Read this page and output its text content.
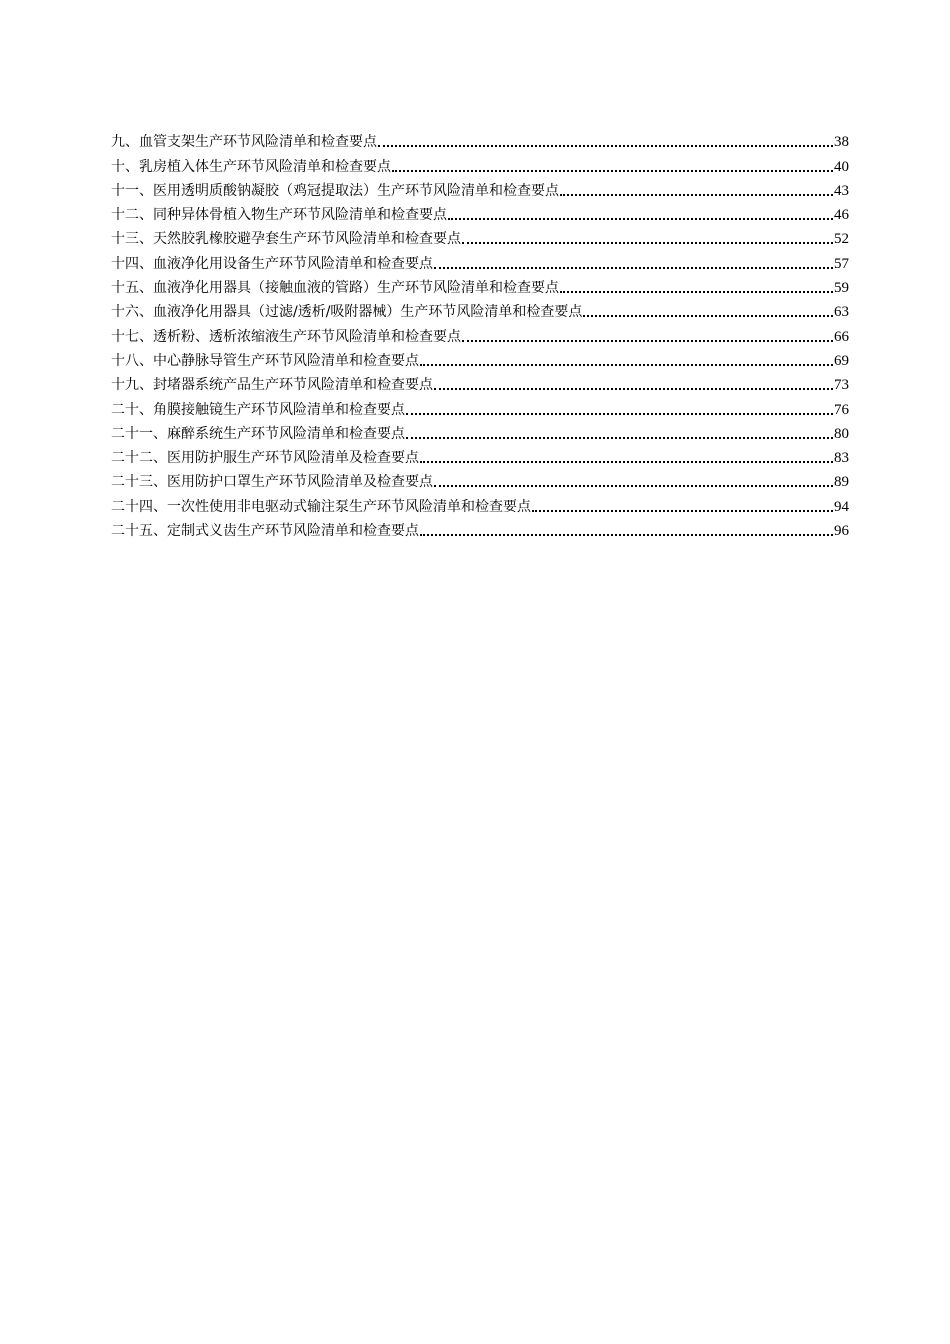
九、血管支架生产环节风险清单和检查要点	38
十、乳房植入体生产环节风险清单和检查要点	40
十一、医用透明质酸钠凝胶（鸡冠提取法）生产环节风险清单和检查要点	43
十二、同种异体骨植入物生产环节风险清单和检查要点	46
十三、天然胶乳橡胶避孕套生产环节风险清单和检查要点	52
十四、血液净化用设备生产环节风险清单和检查要点	57
十五、血液净化用器具（接触血液的管路）生产环节风险清单和检查要点	59
十六、血液净化用器具（过滤/透析/吸附器械）生产环节风险清单和检查要点	63
十七、透析粉、透析浓缩液生产环节风险清单和检查要点	66
十八、中心静脉导管生产环节风险清单和检查要点	69
十九、封堵器系统产品生产环节风险清单和检查要点	73
二十、角膜接触镜生产环节风险清单和检查要点	76
二十一、麻醉系统生产环节风险清单和检查要点	80
二十二、医用防护服生产环节风险清单及检查要点	83
二十三、医用防护口罩生产环节风险清单及检查要点	89
二十四、一次性使用非电驱动式输注泵生产环节风险清单和检查要点	94
二十五、定制式义齿生产环节风险清单和检查要点	96
